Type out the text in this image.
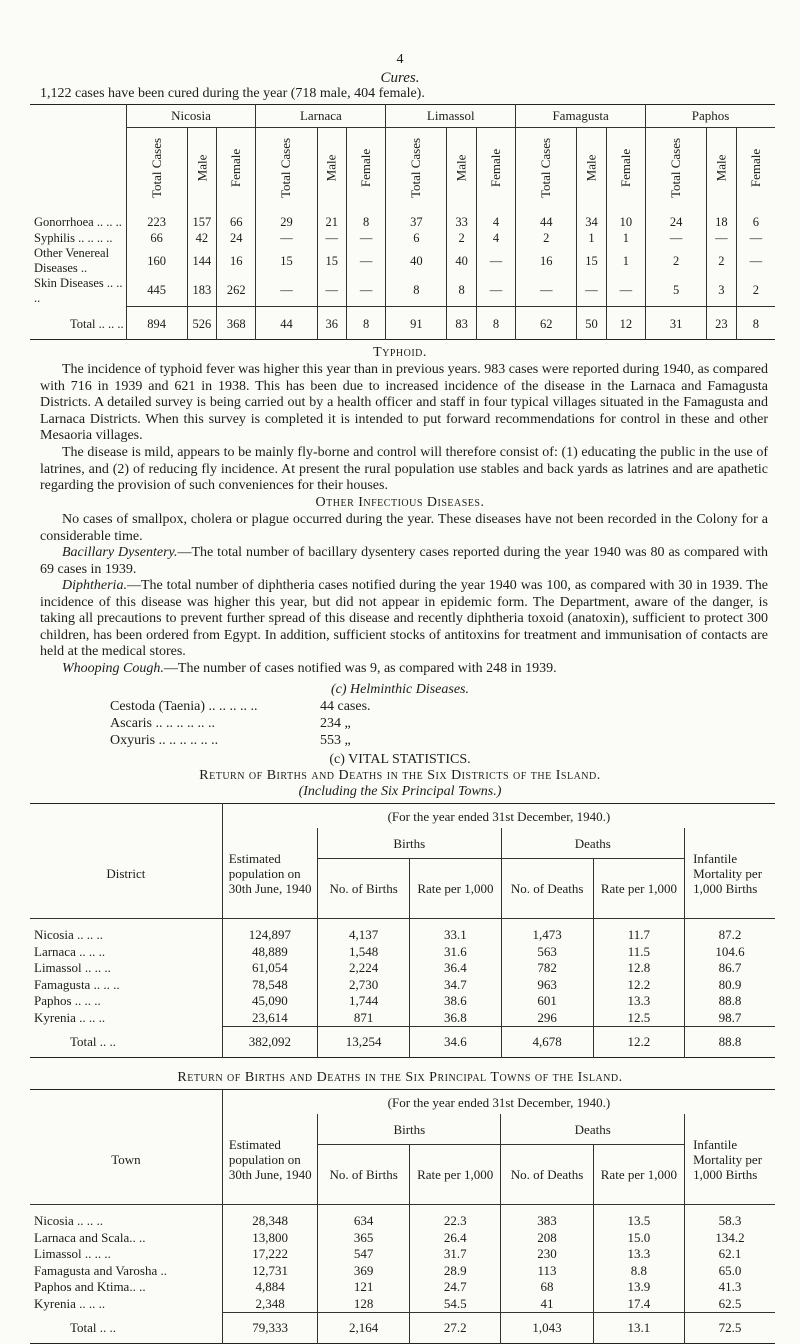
4
Cures.
1,122 cases have been cured during the year (718 male, 404 female).
	Nicosia			Larnaca			Limassol			Famagusta			Paphos		
	Total Cases	Male	Female	Total Cases	Male	Female	Total Cases	Male	Female	Total Cases	Male	Female	Total Cases	Male	Female
Gonorrhoea .. .. ..	223	157	66	29	21	8	37	33	4	44	34	10	24	18	6
Syphilis .. .. .. ..	66	42	24	—	—	—	6	2	4	2	1	1	—	—	—
Other Venereal Diseases ..	160	144	16	15	15	—	40	40	—	16	15	1	2	2	—
Skin Diseases .. .. ..	445	183	262	—	—	—	8	8	—	—	—	—	5	3	2
Total .. .. ..	894	526	368	44	36	8	91	83	8	62	50	12	31	23	8
Typhoid.
The incidence of typhoid fever was higher this year than in previous years. 983 cases were reported during 1940, as compared with 716 in 1939 and 621 in 1938. This has been due to increased incidence of the disease in the Larnaca and Famagusta Districts. A detailed survey is being carried out by a health officer and staff in four typical villages situated in the Famagusta and Larnaca Districts. When this survey is completed it is intended to put forward recommendations for control in these and other Mesaoria villages.
The disease is mild, appears to be mainly fly-borne and control will therefore consist of: (1) educating the public in the use of latrines, and (2) of reducing fly incidence. At present the rural population use stables and back yards as latrines and are apathetic regarding the provision of such conveniences for their houses.
Other Infectious Diseases.
No cases of smallpox, cholera or plague occurred during the year. These diseases have not been recorded in the Colony for a considerable time.
Bacillary Dysentery.—The total number of bacillary dysentery cases reported during the year 1940 was 80 as compared with 69 cases in 1939.
Diphtheria.—The total number of diphtheria cases notified during the year 1940 was 100, as compared with 30 in 1939. The incidence of this disease was higher this year, but did not appear in epidemic form. The Department, aware of the danger, is taking all precautions to prevent further spread of this disease and recently diphtheria toxoid (anatoxin), sufficient to protect 300 children, has been ordered from Egypt. In addition, sufficient stocks of antitoxins for treatment and immunisation of contacts are held at the medical stores.
Whooping Cough.—The number of cases notified was 9, as compared with 248 in 1939.
(c) Helminthic Diseases.
Cestoda (Taenia) .. .. .. .. ..	44 cases.
Ascaris .. .. .. .. .. ..	234 „
Oxyuris .. .. .. .. .. ..	553 „
(c) VITAL STATISTICS.
Return of Births and Deaths in the Six Districts of the Island.
(Including the Six Principal Towns.)
	(For the year ended 31st December, 1940.)					
District	Estimated population on 30th June, 1940	Births		Deaths		Infantile Mortality per 1,000 Births
		No. of Births	Rate per 1,000	No. of Deaths	Rate per 1,000	
Nicosia .. .. ..	124,897	4,137	33.1	1,473	11.7	87.2
Larnaca .. .. ..	48,889	1,548	31.6	563	11.5	104.6
Limassol .. .. ..	61,054	2,224	36.4	782	12.8	86.7
Famagusta .. .. ..	78,548	2,730	34.7	963	12.2	80.9
Paphos .. .. ..	45,090	1,744	38.6	601	13.3	88.8
Kyrenia .. .. ..	23,614	871	36.8	296	12.5	98.7
Total .. ..	382,092	13,254	34.6	4,678	12.2	88.8
Return of Births and Deaths in the Six Principal Towns of the Island.
	(For the year ended 31st December, 1940.)					
Town	Estimated population on 30th June, 1940	Births		Deaths		Infantile Mortality per 1,000 Births
		No. of Births	Rate per 1,000	No. of Deaths	Rate per 1,000	
Nicosia .. .. ..	28,348	634	22.3	383	13.5	58.3
Larnaca and Scala.. ..	13,800	365	26.4	208	15.0	134.2
Limassol .. .. ..	17,222	547	31.7	230	13.3	62.1
Famagusta and Varosha ..	12,731	369	28.9	113	8.8	65.0
Paphos and Ktima.. ..	4,884	121	24.7	68	13.9	41.3
Kyrenia .. .. ..	2,348	128	54.5	41	17.4	62.5
Total .. ..	79,333	2,164	27.2	1,043	13.1	72.5
